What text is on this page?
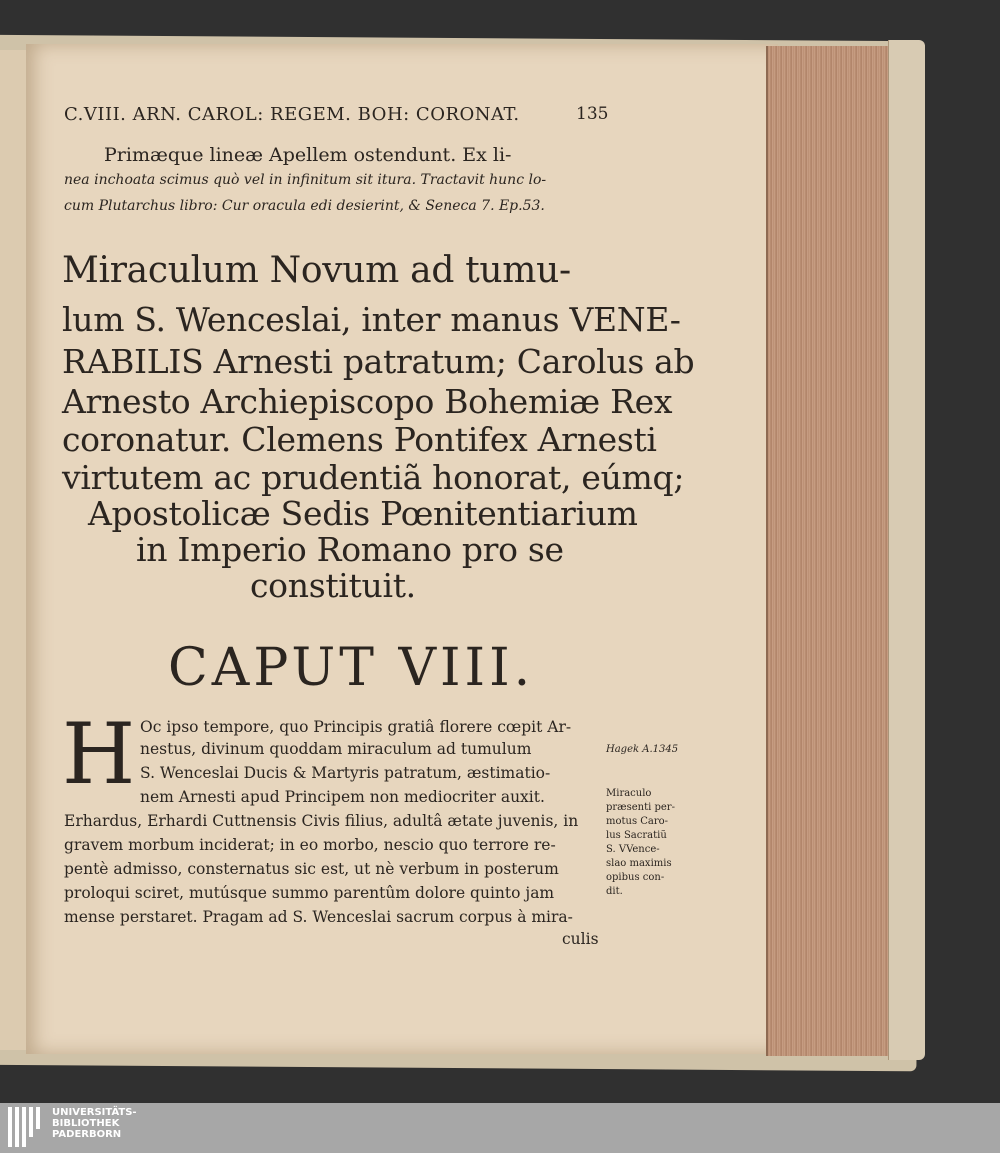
C.VIII. ARN. CAROL: REGEM. BOH: CORONAT.	135
Primæque lineæ Apellem ostendunt. Ex li-
nea inchoata scimus quò vel in infinitum sit itura. Tractavit hunc lo-
cum Plutarchus libro: Cur oracula edi desierint, & Seneca 7. Ep.53.
Miraculum Novum ad tumu-
lum S. Wenceslai, inter manus VENE-
RABILIS Arnesti patratum; Carolus ab
Arnesto Archiepiscopo Bohemiæ Rex
coronatur. Clemens Pontifex Arnesti
virtutem ac prudentiã honorat, eúmq;
Apostolicæ Sedis Pœnitentiarium
in Imperio Romano pro se
constituit.
CAPUT VIII.
H Oc ipso tempore, quo Principis gratiâ florere cœpit Ar-
nestus, divinum quoddam miraculum ad tumulum
S. Wenceslai Ducis & Martyris patratum, æstimatio-
nem Arnesti apud Principem non mediocriter auxit.
Erhardus, Erhardi Cuttnensis Civis filius, adultâ ætate juvenis, in
gravem morbum inciderat; in eo morbo, nescio quo terrore re-
pentè admisso, consternatus sic est, ut nè verbum in posterum
proloqui sciret, mutúsque summo parentûm dolore quinto jam
mense perstaret. Pragam ad S. Wenceslai sacrum corpus à mira-
culis
Hagek A.1345
Miraculo
præsenti per-
motus Caro-
lus Sacratiũ
S. VVence-
slao maximis
opibus con-
dit.
UNIVERSITÄTS-
BIBLIOTHEK
PADERBORN
